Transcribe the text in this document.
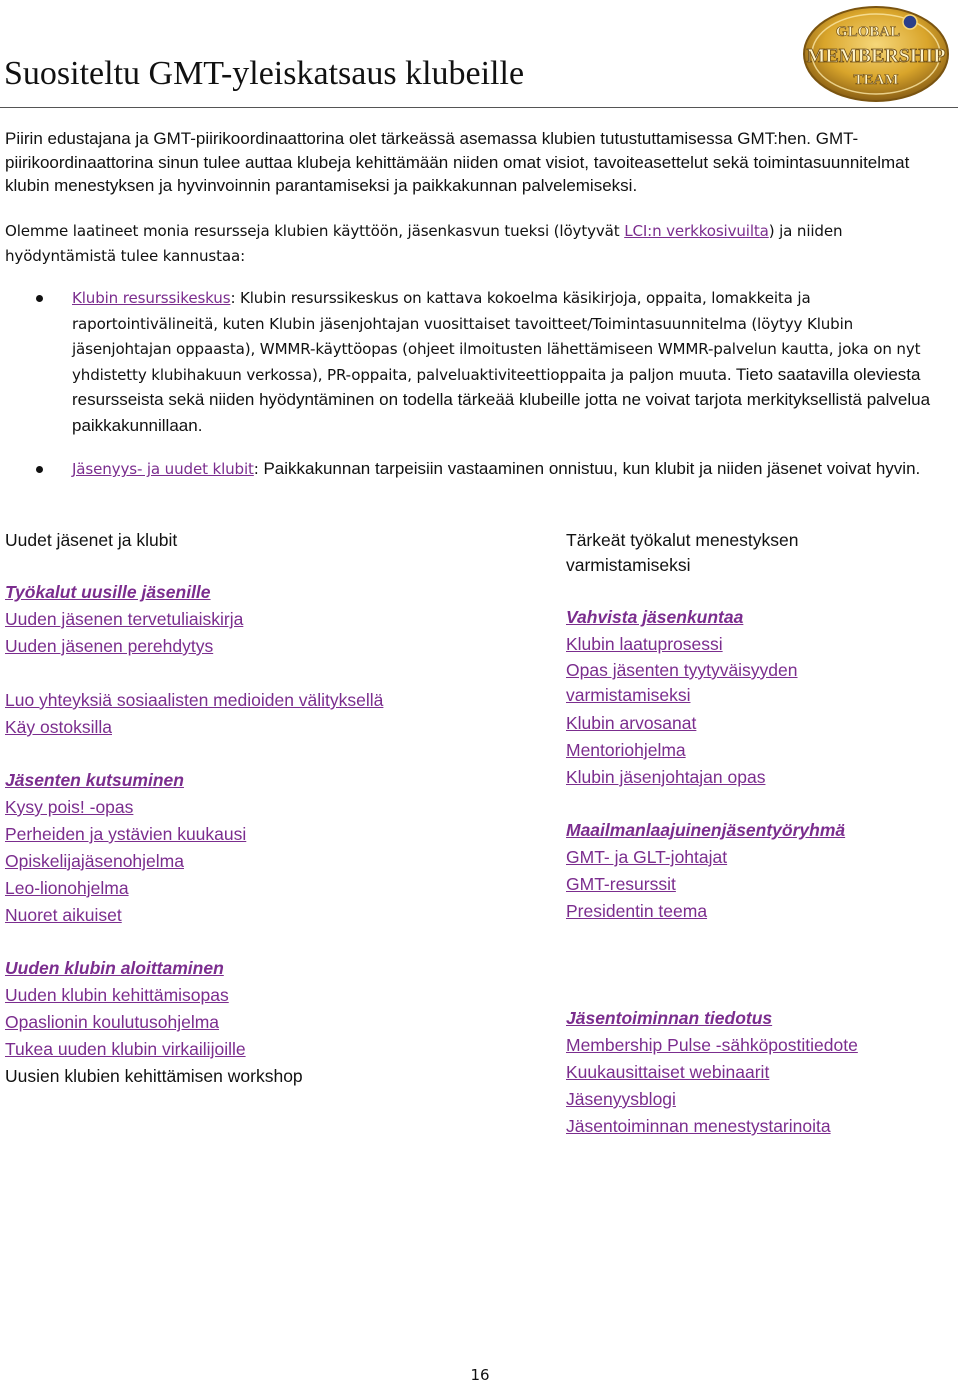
Suositeltu GMT-yleiskatsaus klubeille
GLOBAL
MEMBERSHIP
TEAM
Piirin edustajana ja GMT-piirikoordinaattorina olet tärkeässä asemassa klubien tutustuttamisessa GMT:hen. GMT-piirikoordinaattorina sinun tulee auttaa klubeja kehittämään niiden omat visiot, tavoiteasettelut sekä toimintasuunnitelmat klubin menestyksen ja hyvinvoinnin parantamiseksi ja paikkakunnan palvelemiseksi.
Olemme laatineet monia resursseja klubien käyttöön, jäsenkasvun tueksi (löytyvät LCI:n verkkosivuilta) ja niiden hyödyntämistä tulee kannustaa:
Klubin resurssikeskus: Klubin resurssikeskus on kattava kokoelma käsikirjoja, oppaita, lomakkeita ja raportointivälineitä, kuten Klubin jäsenjohtajan vuosittaiset tavoitteet/Toimintasuunnitelma (löytyy Klubin jäsenjohtajan oppaasta), WMMR-käyttöopas (ohjeet ilmoitusten lähettämiseen WMMR-palvelun kautta, joka on nyt yhdistetty klubihakuun verkossa), PR-oppaita, palveluaktiviteettioppaita ja paljon muuta. Tieto saatavilla oleviesta resursseista sekä niiden hyödyntäminen on todella tärkeää klubeille jotta ne voivat tarjota merkityksellistä palvelua paikkakunnillaan.
Jäsenyys- ja uudet klubit: Paikkakunnan tarpeisiin vastaaminen onnistuu, kun klubit ja niiden jäsenet voivat hyvin.
Uudet jäsenet ja klubit
Työkalut uusille jäsenille
Uuden jäsenen tervetuliaiskirja
Uuden jäsenen perehdytys
Luo yhteyksiä sosiaalisten medioiden välityksellä
Käy ostoksilla
Jäsenten kutsuminen
Kysy pois! -opas
Perheiden ja ystävien kuukausi
Opiskelijajäsenohjelma
Leo-lionohjelma
Nuoret aikuiset
Uuden klubin aloittaminen
Uuden klubin kehittämisopas
Opaslionin koulutusohjelma
Tukea uuden klubin virkailijoille
Uusien klubien kehittämisen workshop
Tärkeät työkalut menestyksen varmistamiseksi
Vahvista jäsenkuntaa
Klubin laatuprosessi
Opas jäsenten tyytyväisyyden varmistamiseksi
Klubin arvosanat
Mentoriohjelma
Klubin jäsenjohtajan opas
Maailmanlaajuinenjäsentyöryhmä
GMT- ja GLT-johtajat
GMT-resurssit
Presidentin teema
Jäsentoiminnan tiedotus
Membership Pulse -sähköpostitiedote
Kuukausittaiset webinaarit
Jäsenyysblogi
Jäsentoiminnan menestystarinoita
16
